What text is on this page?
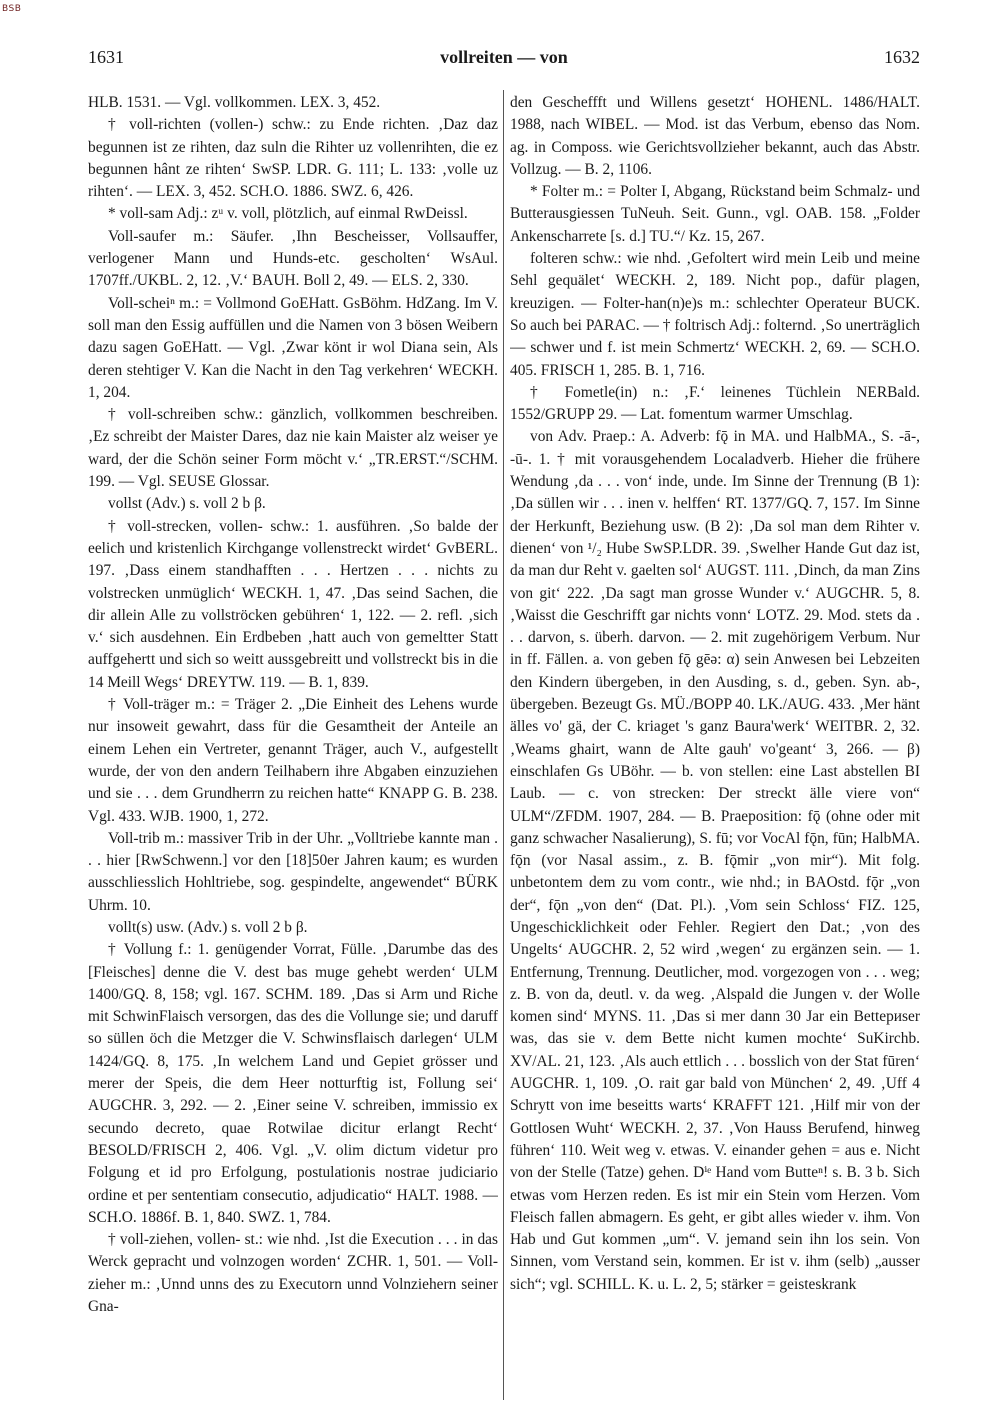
BSB
1631	vollreiten — von	1632

HLB. 1531. — Vgl. vollkommen. LEX. 3, 452.

† voll-richten (vollen-) schw.: zu Ende richten. ‚Daz daz begunnen ist ze rihten, daz suln die Rihter uz vollenrihten, die ez begunnen hânt ze rihten‘ SwSP. LDR. G. 111; L. 133: ‚volle uz rihten‘. — LEX. 3, 452. SCH.O. 1886. SWZ. 6, 426.

* voll-sam Adj.: zᵘ v. voll, plötzlich, auf einmal RwDeissl.

Voll-saufer m.: Säufer. ‚Ihn Bescheisser, Vollsauffer, verlogener Mann und Hunds-etc. gescholten‘ WsAul. 1707ff./UKBL. 2, 12. ‚V.‘ BAUH. Boll 2, 49. — ELS. 2, 330.

Voll-scheiⁿ m.: = Vollmond GoEHatt. GsBöhm. HdZang. Im V. soll man den Essig auffüllen und die Namen von 3 bösen Weibern dazu sagen GoEHatt. — Vgl. ‚Zwar könt ir wol Diana sein, Als deren stehtiger V. Kan die Nacht in den Tag verkehren‘ WECKH. 1, 204.

† voll-schreiben schw.: gänzlich, vollkommen beschreiben. ‚Ez schreibt der Maister Dares, daz nie kain Maister alz weiser ye ward, der die Schön seiner Form möcht v.‘ „TR.ERST.“/SCHM. 199. — Vgl. SEUSE Glossar.

vollst (Adv.) s. voll 2 b β.

† voll-strecken, vollen- schw.: 1. ausführen. ‚So balde der eelich und kristenlich Kirchgange vollenstreckt wirdet‘ GvBERL. 197. ‚Dass einem standhafften . . . Hertzen . . . nichts zu volstrecken unmüglich‘ WECKH. 1, 47. ‚Das seind Sachen, die dir allein Alle zu vollströcken gebühren‘ 1, 122. — 2. refl. ‚sich v.‘ sich ausdehnen. Ein Erdbeben ‚hatt auch von gemeltter Statt auffgehertt und sich so weitt aussgebreitt und vollstreckt bis in die 14 Meill Wegs‘ DREYTW. 119. — B. 1, 839.

† Voll-träger m.: = Träger 2. „Die Einheit des Lehens wurde nur insoweit gewahrt, dass für die Gesamtheit der Anteile an einem Lehen ein Vertreter, genannt Träger, auch V., aufgestellt wurde, der von den andern Teilhabern ihre Abgaben einzuziehen und sie . . . dem Grundherrn zu reichen hatte“ KNAPP G. B. 238. Vgl. 433. WJB. 1900, 1, 272.

Voll-trib m.: massiver Trib in der Uhr. „Volltriebe kannte man . . . hier [RwSchwenn.] vor den [18]50er Jahren kaum; es wurden ausschliesslich Hohltriebe, sog. gespindelte, angewendet“ BÜRK Uhrm. 10.

vollt(s) usw. (Adv.) s. voll 2 b β.

† Vollung f.: 1. genügender Vorrat, Fülle. ‚Darumbe das des [Fleisches] denne die V. dest bas muge gehebt werden‘ ULM 1400/GQ. 8, 158; vgl. 167. SCHM. 189. ‚Das si Arm und Riche mit SchwinFlaisch versorgen, das des die Vollunge sie; und daruff so süllen öch die Metzger die V. Schwinsflaisch darlegen‘ ULM 1424/GQ. 8, 175. ‚In welchem Land und Gepiet grösser und merer der Speis, die dem Heer notturftig ist, Follung sei‘ AUGCHR. 3, 292. — 2. ‚Einer seine V. schreiben, immissio ex secundo decreto, quae Rotwilae dicitur erlangt Recht‘ BESOLD/FRISCH 2, 406. Vgl. „V. olim dictum videtur pro Folgung et id pro Erfolgung, postulationis nostrae judiciario ordine et per sententiam consecutio, adjudicatio“ HALT. 1988. — SCH.O. 1886f. B. 1, 840. SWZ. 1, 784.

† voll-ziehen, vollen- st.: wie nhd. ‚Ist die Execution . . . in das Werck gepracht und volnzogen worden‘ ZCHR. 1, 501. — Voll-zieher m.: ‚Unnd unns des zu Executorn unnd Volnziehern seiner Gna-

den Gescheffft und Willens gesetzt‘ HOHENL. 1486/HALT. 1988, nach WIBEL. — Mod. ist das Verbum, ebenso das Nom. ag. in Composs. wie Gerichtsvollzieher bekannt, auch das Abstr. Vollzug. — B. 2, 1106.

* Folter m.: = Polter I, Abgang, Rückstand beim Schmalz- und Butterausgiessen TuNeuh. Seit. Gunn., vgl. OAB. 158. „Folder Ankenscharrete [s. d.] TU.“/ Kz. 15, 267.

folteren schw.: wie nhd. ‚Gefoltert wird mein Leib und meine Sehl gequälet‘ WECKH. 2, 189. Nicht pop., dafür plagen, kreuzigen. — Folter-han(n)e)s m.: schlechter Operateur BUCK. So auch bei PARAC. — † foltrisch Adj.: folternd. ‚So unerträglich — schwer und f. ist mein Schmertz‘ WECKH. 2, 69. — SCH.O. 405. FRISCH 1, 285. B. 1, 716.

† Fometle(in) n.: ‚F.‘ leinenes Tüchlein NERBald. 1552/GRUPP 29. — Lat. fomentum warmer Umschlag.

von Adv. Praep.: A. Adverb: fǭ in MA. und HalbMA., S. -ā-, -ū-. 1. † mit vorausgehendem Localadverb. Hieher die frühere Wendung ‚da . . . von‘ inde, unde. Im Sinne der Trennung (B 1): ‚Da süllen wir . . . inen v. helffen‘ RT. 1377/GQ. 7, 157. Im Sinne der Herkunft, Beziehung usw. (B 2): ‚Da sol man dem Rihter v. dienen‘ von ¹/₂ Hube SwSP.LDR. 39. ‚Swelher Hande Gut daz ist, da man dur Reht v. gaelten sol‘ AUGST. 111. ‚Dinch, da man Zins von git‘ 222. ‚Da sagt man grosse Wunder v.‘ AUGCHR. 5, 8. ‚Waisst die Geschrifft gar nichts vonn‘ LOTZ. 29. Mod. stets da . . . darvon, s. überh. darvon. — 2. mit zugehörigem Verbum. Nur in ff. Fällen. a. von geben fǭ gēə: α) sein Anwesen bei Lebzeiten den Kindern übergeben, in den Ausding, s. d., geben. Syn. ab-, übergeben. Bezeugt Gs. MÜ./BOPP 40. LK./AUG. 433. ‚Mer hänt älles vo' gä, der C. kriaget 's ganz Baura'werk‘ WEITBR. 2, 32. ‚Weams ghairt, wann de Alte gauh' vo'geant‘ 3, 266. — β) einschlafen Gs UBöhr. — b. von stellen: eine Last abstellen BI Laub. — c. von strecken: Der streckt älle viere von“ ULM“/ZFDM. 1907, 284. — B. Praeposition: fǭ (ohne oder mit ganz schwacher Nasalierung), S. fū; vor VocAl fǭn, fūn; HalbMA. fǭn (vor Nasal assim., z. B. fǭmir „von mir“). Mit folg. unbetontem dem zu vom contr., wie nhd.; in BAOstd. fǭr „von der“, fǭn „von den“ (Dat. Pl.). ‚Vom sein Schloss‘ FIZ. 125, Ungeschicklichkeit oder Fehler. Regiert den Dat.; ‚von des Ungelts‘ AUGCHR. 2, 52 wird ‚wegen‘ zu ergänzen sein. — 1. Entfernung, Trennung. Deutlicher, mod. vorgezogen von . . . weg; z. B. von da, deutl. v. da weg. ‚Alspald die Jungen v. der Wolle komen sind‘ MYNS. 11. ‚Das si mer dann 30 Jar ein Bettериser was, das sie v. dem Bette nicht kumen mochte‘ SuKirchb. XV/AL. 21, 123. ‚Als auch ettlich . . . bosslich von der Stat fūren‘ AUGCHR. 1, 109. ‚O. rait gar bald von München‘ 2, 49. ‚Uff 4 Schrytt von ime beseitts warts‘ KRAFFT 121. ‚Hilf mir von der Gottlosen Wuht‘ WECKH. 2, 37. ‚Von Hauss Berufend, hinweg führen‘ 110. Weit weg v. etwas. V. einander gehen = aus e. Nicht von der Stelle (Tatze) gehen. Dⁱᵉ Hand vom Butteⁿ! s. B. 3 b. Sich etwas vom Herzen reden. Es ist mir ein Stein vom Herzen. Vom Fleisch fallen abmagern. Es geht, er gibt alles wieder v. ihm. Von Hab und Gut kommen „um“. V. jemand sein ihn los sein. Von Sinnen, vom Verstand sein, kommen. Er ist v. ihm (selb) „ausser sich“; vgl. SCHILL. K. u. L. 2, 5; stärker = geisteskrank
